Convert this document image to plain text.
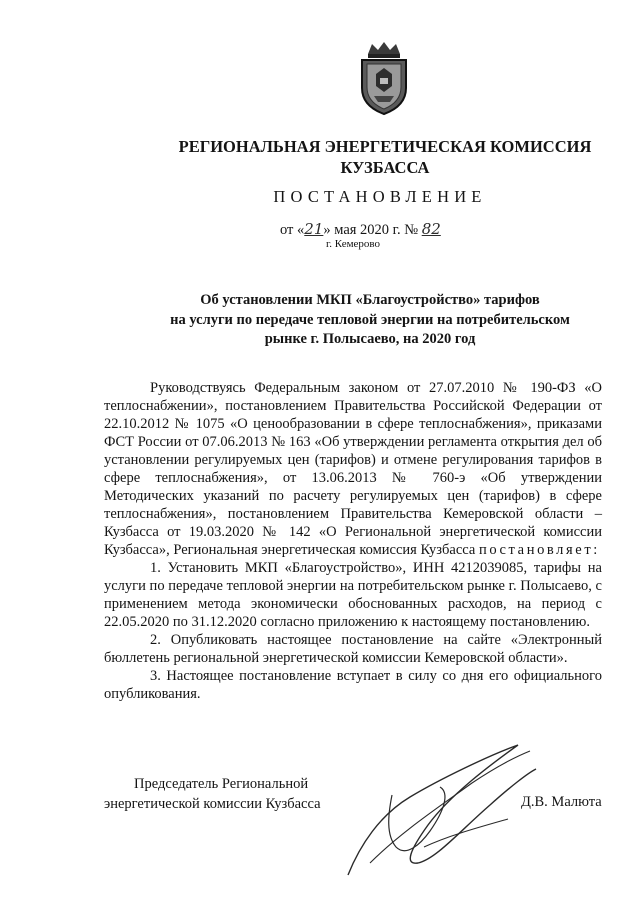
РЕГИОНАЛЬНАЯ ЭНЕРГЕТИЧЕСКАЯ КОМИССИЯ
КУЗБАССА
ПОСТАНОВЛЕНИЕ
от «21» мая 2020 г. № 82
г. Кемерово
Об установлении МКП «Благоустройство» тарифов
на услуги по передаче тепловой энергии на потребительском
рынке г. Полысаево, на 2020 год

Руководствуясь Федеральным законом от 27.07.2010 № 190-ФЗ «О теплоснабжении», постановлением Правительства Российской Федерации от 22.10.2012 № 1075 «О ценообразовании в сфере теплоснабжения», приказами ФСТ России от 07.06.2013 № 163 «Об утверждении регламента открытия дел об установлении регулируемых цен (тарифов) и отмене регулирования тарифов в сфере теплоснабжения», от 13.06.2013 № 760-э «Об утверждении Методических указаний по расчету регулируемых цен (тарифов) в сфере теплоснабжения», постановлением Правительства Кемеровской области – Кузбасса от 19.03.2020 № 142 «О Региональной энергетической комиссии Кузбасса», Региональная энергетическая комиссия Кузбасса постановляет:

1. Установить МКП «Благоустройство», ИНН 4212039085, тарифы на услуги по передаче тепловой энергии на потребительском рынке г. Полысаево, с применением метода экономически обоснованных расходов, на период с 22.05.2020 по 31.12.2020 согласно приложению к настоящему постановлению.

2. Опубликовать настоящее постановление на сайте «Электронный бюллетень региональной энергетической комиссии Кемеровской области».

3. Настоящее постановление вступает в силу со дня его официального опубликования.

Председатель Региональной
энергетической комиссии Кузбасса	Д.В. Малюта
